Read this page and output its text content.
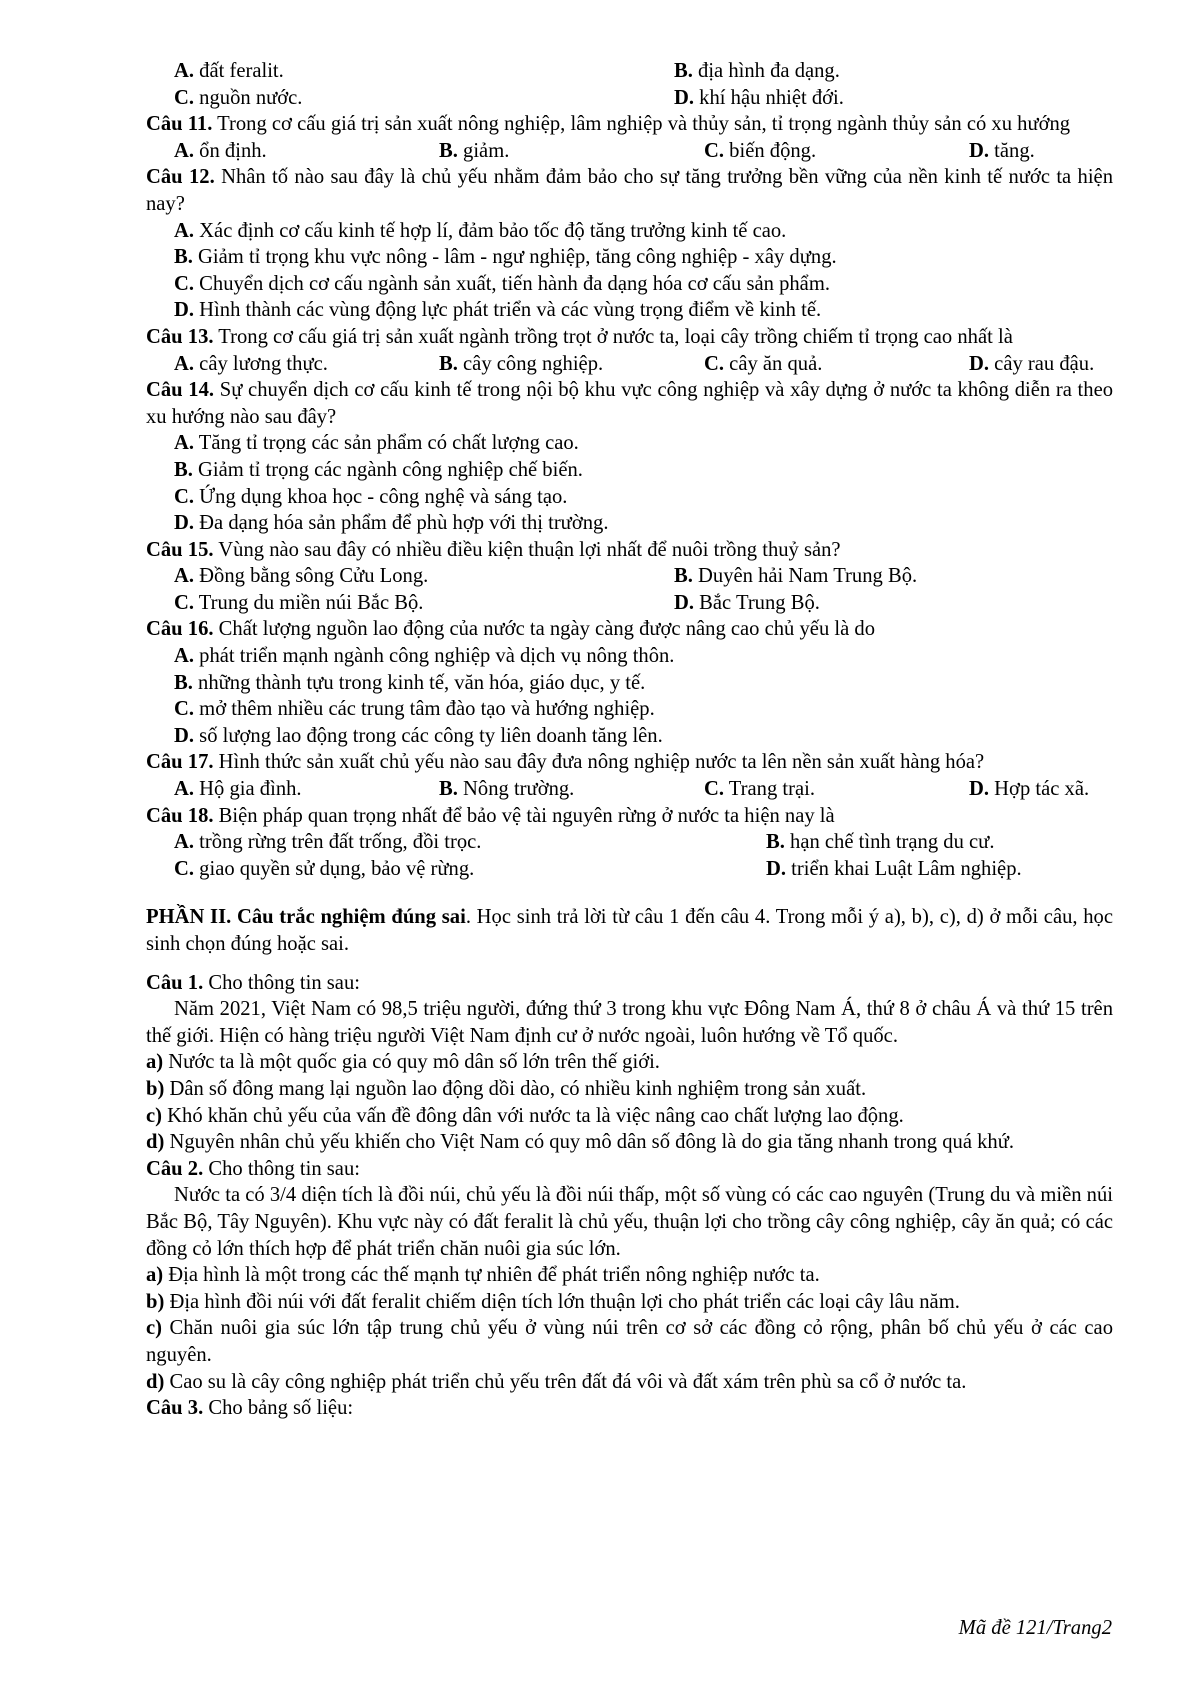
A. đất feralit.	B. địa hình đa dạng.
C. nguồn nước.	D. khí hậu nhiệt đới.
Câu 11. Trong cơ cấu giá trị sản xuất nông nghiệp, lâm nghiệp và thủy sản, tỉ trọng ngành thủy sản có xu hướng
A. ổn định.	B. giảm.	C. biến động.	D. tăng.
Câu 12. Nhân tố nào sau đây là chủ yếu nhằm đảm bảo cho sự tăng trưởng bền vững của nền kinh tế nước ta hiện nay?
A. Xác định cơ cấu kinh tế hợp lí, đảm bảo tốc độ tăng trưởng kinh tế cao.
B. Giảm tỉ trọng khu vực nông - lâm - ngư nghiệp, tăng công nghiệp - xây dựng.
C. Chuyển dịch cơ cấu ngành sản xuất, tiến hành đa dạng hóa cơ cấu sản phẩm.
D. Hình thành các vùng động lực phát triển và các vùng trọng điểm về kinh tế.
Câu 13. Trong cơ cấu giá trị sản xuất ngành trồng trọt ở nước ta, loại cây trồng chiếm tỉ trọng cao nhất là
A. cây lương thực.	B. cây công nghiệp.	C. cây ăn quả.	D. cây rau đậu.
Câu 14. Sự chuyển dịch cơ cấu kinh tế trong nội bộ khu vực công nghiệp và xây dựng ở nước ta không diễn ra theo xu hướng nào sau đây?
A. Tăng tỉ trọng các sản phẩm có chất lượng cao.
B. Giảm tỉ trọng các ngành công nghiệp chế biến.
C. Ứng dụng khoa học - công nghệ và sáng tạo.
D. Đa dạng hóa sản phẩm để phù hợp với thị trường.
Câu 15. Vùng nào sau đây có nhiều điều kiện thuận lợi nhất để nuôi trồng thuỷ sản?
A. Đồng bằng sông Cửu Long.	B. Duyên hải Nam Trung Bộ.
C. Trung du miền núi Bắc Bộ.	D. Bắc Trung Bộ.
Câu 16. Chất lượng nguồn lao động của nước ta ngày càng được nâng cao chủ yếu là do
A. phát triển mạnh ngành công nghiệp và dịch vụ nông thôn.
B. những thành tựu trong kinh tế, văn hóa, giáo dục, y tế.
C. mở thêm nhiều các trung tâm đào tạo và hướng nghiệp.
D. số lượng lao động trong các công ty liên doanh tăng lên.
Câu 17. Hình thức sản xuất chủ yếu nào sau đây đưa nông nghiệp nước ta lên nền sản xuất hàng hóa?
A. Hộ gia đình.	B. Nông trường.	C. Trang trại.	D. Hợp tác xã.
Câu 18. Biện pháp quan trọng nhất để bảo vệ tài nguyên rừng ở nước ta hiện nay là
A. trồng rừng trên đất trống, đồi trọc.	B. hạn chế tình trạng du cư.
C. giao quyền sử dụng, bảo vệ rừng.	D. triển khai Luật Lâm nghiệp.
PHẦN II. Câu trắc nghiệm đúng sai. Học sinh trả lời từ câu 1 đến câu 4. Trong mỗi ý a), b), c), d) ở mỗi câu, học sinh chọn đúng hoặc sai.
Câu 1. Cho thông tin sau:
Năm 2021, Việt Nam có 98,5 triệu người, đứng thứ 3 trong khu vực Đông Nam Á, thứ 8 ở châu Á và thứ 15 trên thế giới. Hiện có hàng triệu người Việt Nam định cư ở nước ngoài, luôn hướng về Tổ quốc.
a) Nước ta là một quốc gia có quy mô dân số lớn trên thế giới.
b) Dân số đông mang lại nguồn lao động dồi dào, có nhiều kinh nghiệm trong sản xuất.
c) Khó khăn chủ yếu của vấn đề đông dân với nước ta là việc nâng cao chất lượng lao động.
d) Nguyên nhân chủ yếu khiến cho Việt Nam có quy mô dân số đông là do gia tăng nhanh trong quá khứ.
Câu 2. Cho thông tin sau:
Nước ta có 3/4 diện tích là đồi núi, chủ yếu là đồi núi thấp, một số vùng có các cao nguyên (Trung du và miền núi Bắc Bộ, Tây Nguyên). Khu vực này có đất feralit là chủ yếu, thuận lợi cho trồng cây công nghiệp, cây ăn quả; có các đồng cỏ lớn thích hợp để phát triển chăn nuôi gia súc lớn.
a) Địa hình là một trong các thế mạnh tự nhiên để phát triển nông nghiệp nước ta.
b) Địa hình đồi núi với đất feralit chiếm diện tích lớn thuận lợi cho phát triển các loại cây lâu năm.
c) Chăn nuôi gia súc lớn tập trung chủ yếu ở vùng núi trên cơ sở các đồng cỏ rộng, phân bố chủ yếu ở các cao nguyên.
d) Cao su là cây công nghiệp phát triển chủ yếu trên đất đá vôi và đất xám trên phù sa cổ ở nước ta.
Câu 3. Cho bảng số liệu:
Mã đề 121/Trang2
